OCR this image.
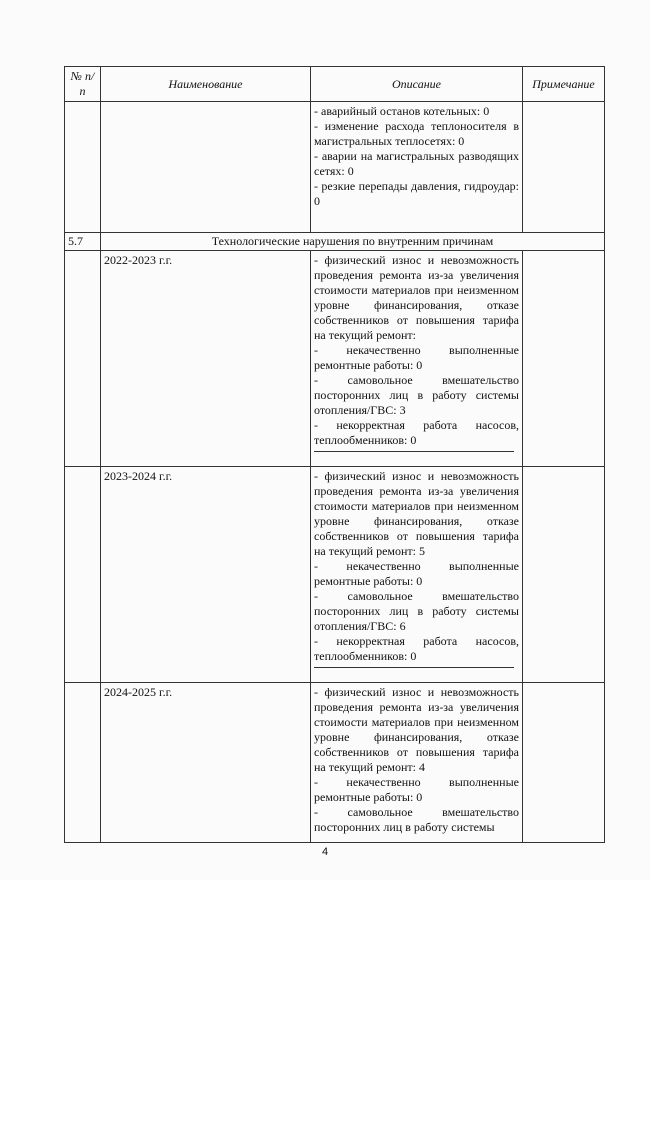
№ п/п	Наименование	Описание	Примечание

		- аварийный останов котельных: 0

- изменение расхода теплоносителя в магистральных теплосетях: 0

- аварии на магистральных разводящих сетях: 0

- резкие перепады давления, гидроудар: 0	

5.7	Технологические нарушения по внутренним причинам		
	2022-2023 г.г.	- физический износ и невозможность проведения ремонта из-за увеличения стоимости материалов при неизменном уровне финансирования, отказе собственников от повышения тарифа на текущий ремонт:

- некачественно выполненные ремонтные работы: 0

- самовольное вмешательство посторонних лиц в работу системы отопления/ГВС: 3

- некорректная работа насосов, теплообменников: 0	

	2023-2024 г.г.	- физический износ и невозможность проведения ремонта из-за увеличения стоимости материалов при неизменном уровне финансирования, отказе собственников от повышения тарифа на текущий ремонт: 5

- некачественно выполненные ремонтные работы: 0

- самовольное вмешательство посторонних лиц в работу системы отопления/ГВС: 6

- некорректная работа насосов, теплообменников: 0	

	2024-2025 г.г.	- физический износ и невозможность проведения ремонта из-за увеличения стоимости материалов при неизменном уровне финансирования, отказе собственников от повышения тарифа на текущий ремонт: 4

- некачественно выполненные ремонтные работы: 0

- самовольное вмешательство посторонних лиц в работу системы	

4
